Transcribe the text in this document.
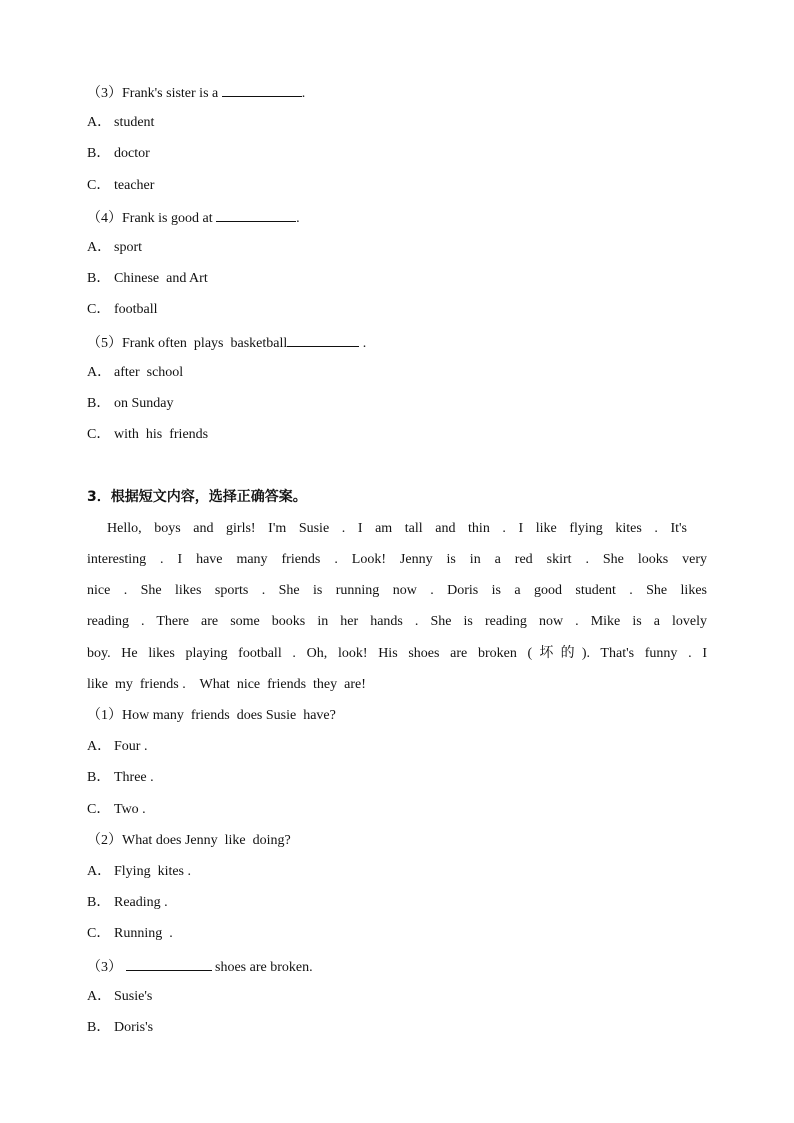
（3）Frank's sister is a	.
A． student
B． doctor
C． teacher
（4）Frank is good at	.
A． sport
B． Chinese  and Art
C． football
（5）Frank often  plays  basketball	.
A． after  school
B． on Sunday
C． with  his  friends
3．根据短文内容，选择正确答案。
Hello, boys and girls! I'm Susie . I am tall and thin . I like flying kites . It's
interesting . I have many friends . Look! Jenny is in a red skirt . She looks very
nice . She likes sports . She is running now . Doris is a good student . She likes
reading . There are some books in her hands . She is reading now . Mike is a lovely
boy. He likes playing football . Oh, look! His shoes are broken (坏的). That's funny . I
like  my  friends .    What  nice  friends  they  are!
（1）How many  friends  does Susie  have?
A． Four .
B． Three .
C． Two .
（2）What does Jenny  like  doing?
A． Flying  kites .
B． Reading .
C． Running  .
（3）	shoes are broken.
A． Susie's
B． Doris's
